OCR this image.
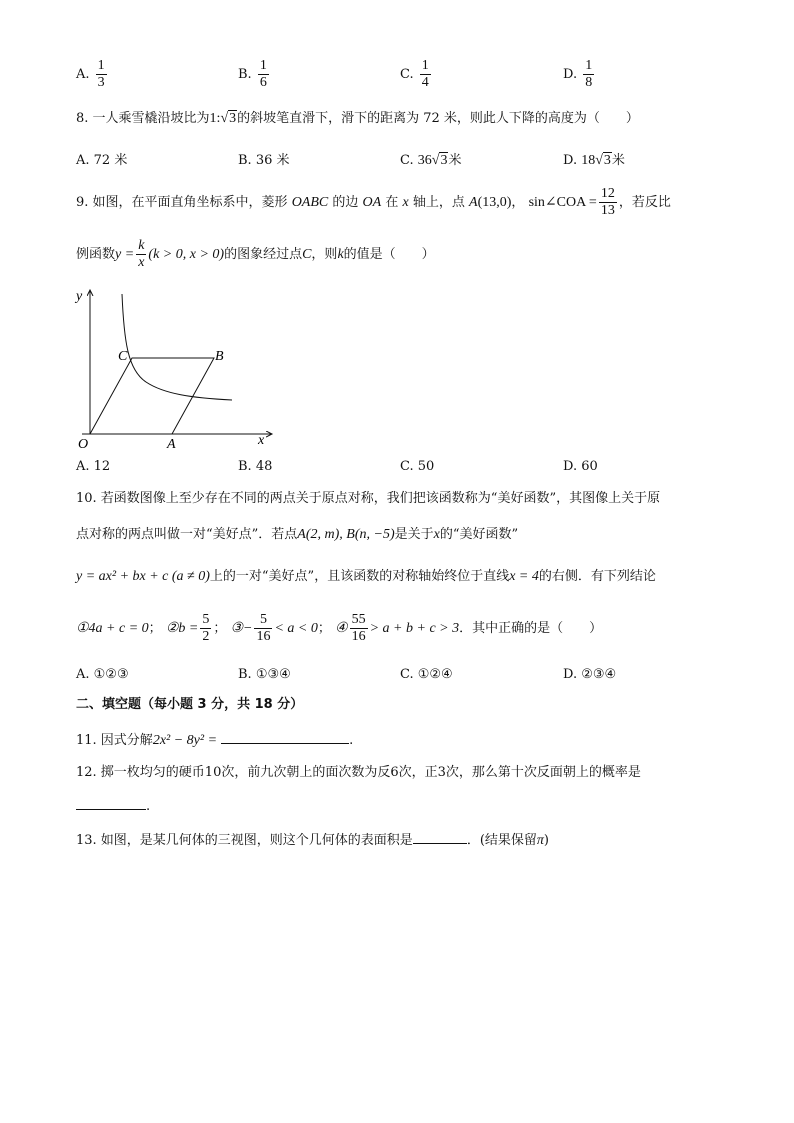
A. $\frac{1}{3}$	B. $\frac{1}{6}$	C. $\frac{1}{4}$	D. $\frac{1}{8}$
8. 一人乘雪橇沿坡比为1:√3的斜坡笔直滑下，滑下的距离为 72 米，则此人下降的高度为（　　）
A. 72 米	B. 36 米	C. 36√3米	D. 18√3米
9. 如图，在平面直角坐标系中，菱形 OABC 的边 OA 在 x 轴上，点 A(13,0)， sin∠COA = $\frac{12}{13}$ ，若反比
例函数$y = \frac{k}{x} (k > 0$, x > 0)的图象经过点C，则k的值是（　　）
y
x
O	A
B
C
A. 12	B. 48	C. 50	D. 60
10. 若函数图像上至少存在不同的两点关于原点对称，我们把该函数称为“美好函数”，其图像上关于原
点对称的两点叫做一对“美好点”．若点A(2, m), B(n, −5)是关于x的“美好函数”
y = ax² + bx + c (a ≠ 0)上的一对“美好点”，且该函数的对称轴始终位于直线x = 4的右侧．有下列结论
①4a + c = 0； ②b = $\frac{5}{2}$ ； ③− $\frac{5}{16} < a < 0$； ④ $\frac{55}{16} > a + b + c > 3$．其中正确的是（　　）
A. ①②③	B. ①③④	C. ①②④	D. ②③④
二、填空题（每小题 3 分，共 18 分）
11. 因式分解2x² − 8y² =	.
12. 掷一枚均匀的硬币10次，前九次朝上的面次数为反6次，正3次，那么第十次反面朝上的概率是
.
13. 如图，是某几何体的三视图，则这个几何体的表面积是	．(结果保留π)
